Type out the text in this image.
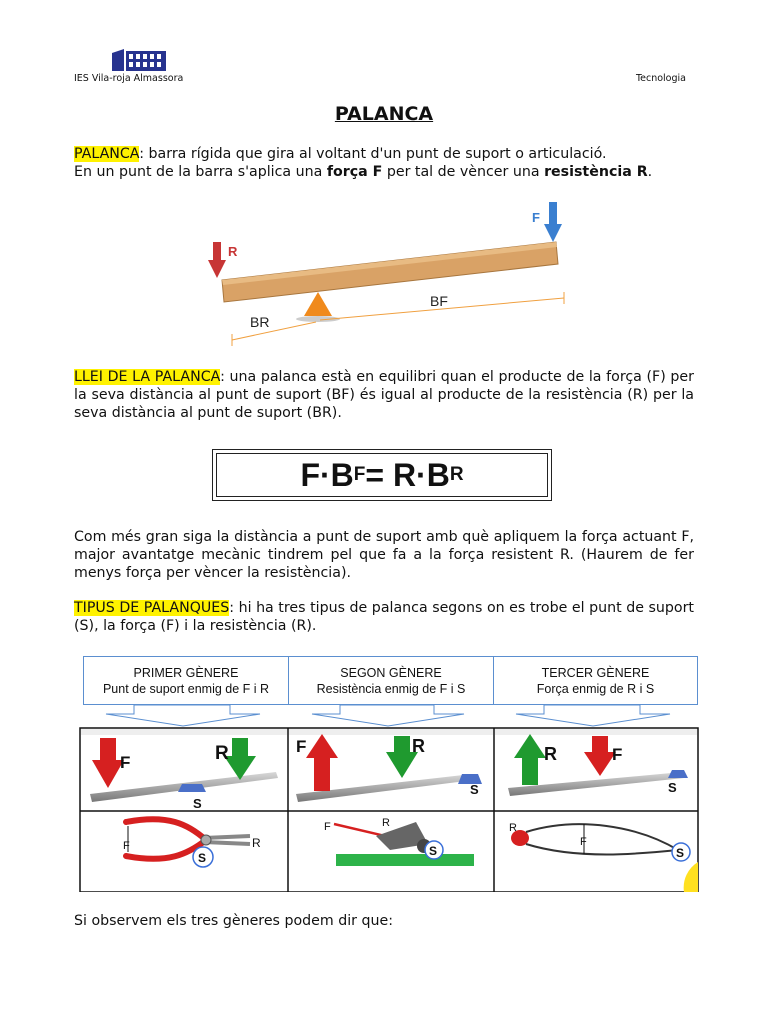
IES Vila-roja Almassora	Tecnologia
PALANCA
PALANCA: barra rígida que gira al voltant d'un punt de suport o articulació.
En un punt de la barra s'aplica una força F per tal de vèncer una resistència R.
R
F
BF
BR
LLEI DE LA PALANCA: una palanca està en equilibri quan el producte de la força (F) per la seva distància al punt de suport (BF) és igual al producte de la resistència (R) per la seva distància al punt de suport (BR).
F·B F = R·B R
Com més gran siga la distància a punt de suport amb què apliquem la força actuant F, major avantatge mecànic tindrem pel que fa a la força resistent R. (Haurem de fer menys força per vèncer la resistència).
TIPUS DE PALANQUES: hi ha tres tipus de palanca segons on es trobe el punt de suport (S), la força (F) i la resistència (R).
PRIMER GÈNERE
Punt de suport enmig de F i R
SEGON GÈNERE
Resistència enmig de F i S
TERCER GÈNERE
Força enmig de R i S
F	R
S
F	R
S
R	F
S
F	R
S
F	R
S
R
F
S
Si observem els tres gèneres podem dir que:
